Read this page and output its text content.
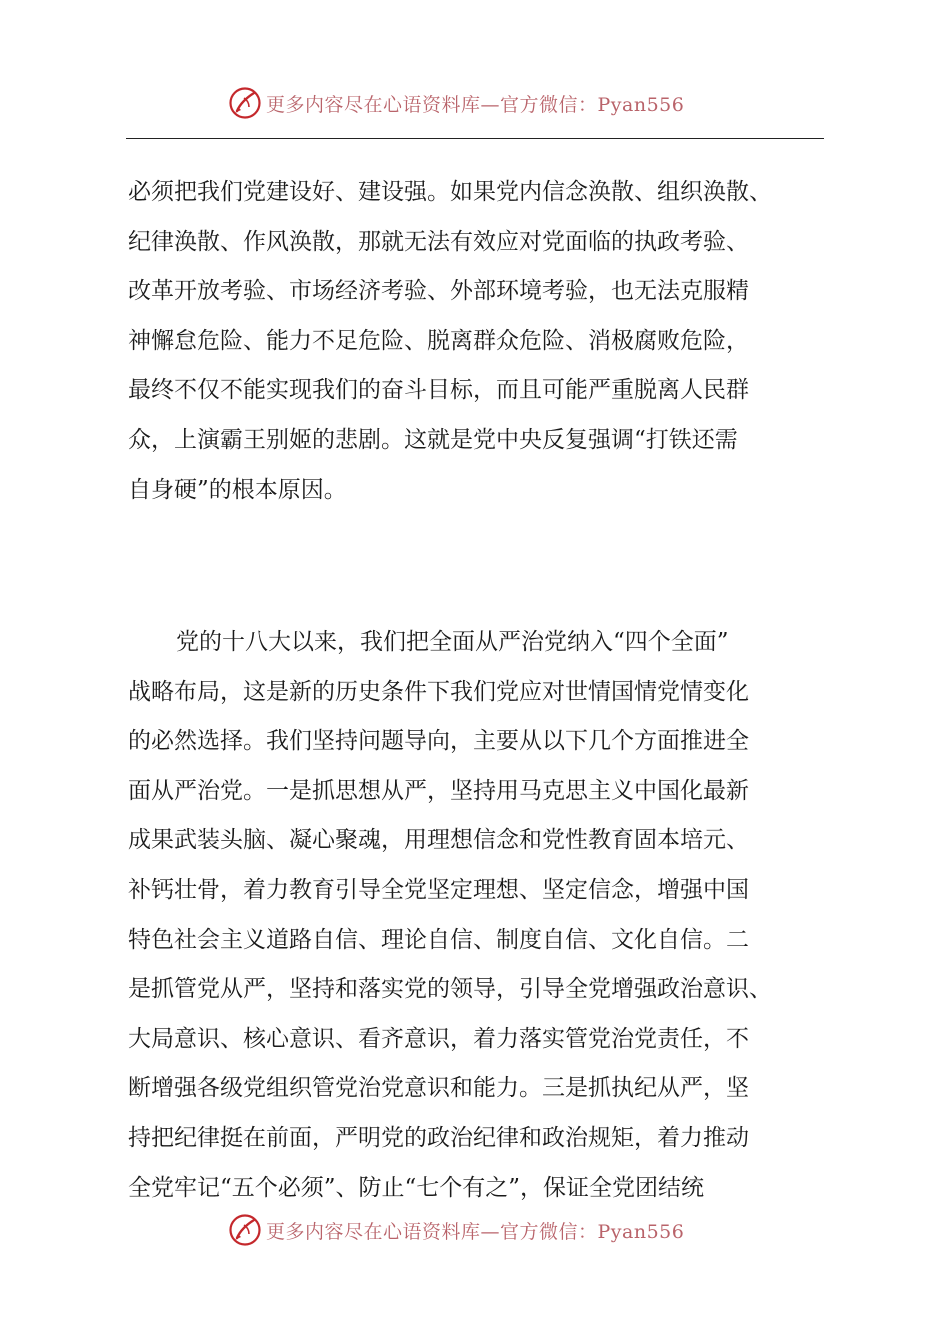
更多内容尽在心语资料库—官方微信：Pyan556
必须把我们党建设好、建设强。如果党内信念涣散、组织涣散、
纪律涣散、作风涣散，那就无法有效应对党面临的执政考验、
改革开放考验、市场经济考验、外部环境考验，也无法克服精
神懈怠危险、能力不足危险、脱离群众危险、消极腐败危险，
最终不仅不能实现我们的奋斗目标，而且可能严重脱离人民群
众，上演霸王别姬的悲剧。这就是党中央反复强调“打铁还需
自身硬”的根本原因。
党的十八大以来，我们把全面从严治党纳入“四个全面”
战略布局，这是新的历史条件下我们党应对世情国情党情变化
的必然选择。我们坚持问题导向，主要从以下几个方面推进全
面从严治党。一是抓思想从严，坚持用马克思主义中国化最新
成果武装头脑、凝心聚魂，用理想信念和党性教育固本培元、
补钙壮骨，着力教育引导全党坚定理想、坚定信念，增强中国
特色社会主义道路自信、理论自信、制度自信、文化自信。二
是抓管党从严，坚持和落实党的领导，引导全党增强政治意识、
大局意识、核心意识、看齐意识，着力落实管党治党责任，不
断增强各级党组织管党治党意识和能力。三是抓执纪从严，坚
持把纪律挺在前面，严明党的政治纪律和政治规矩，着力推动
全党牢记“五个必须”、防止“七个有之”，保证全党团结统
更多内容尽在心语资料库—官方微信：Pyan556
